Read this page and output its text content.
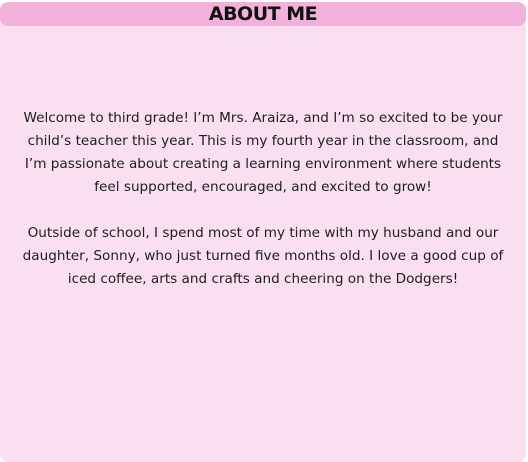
ABOUT ME

Welcome to third grade! I’m Mrs. Araiza, and I’m so excited to be your child’s teacher this year. This is my fourth year in the classroom, and I’m passionate about creating a learning environment where students feel supported, encouraged, and excited to grow!

Outside of school, I spend most of my time with my husband and our daughter, Sonny, who just turned five months old. I love a good cup of iced coffee, arts and crafts and cheering on the Dodgers!
